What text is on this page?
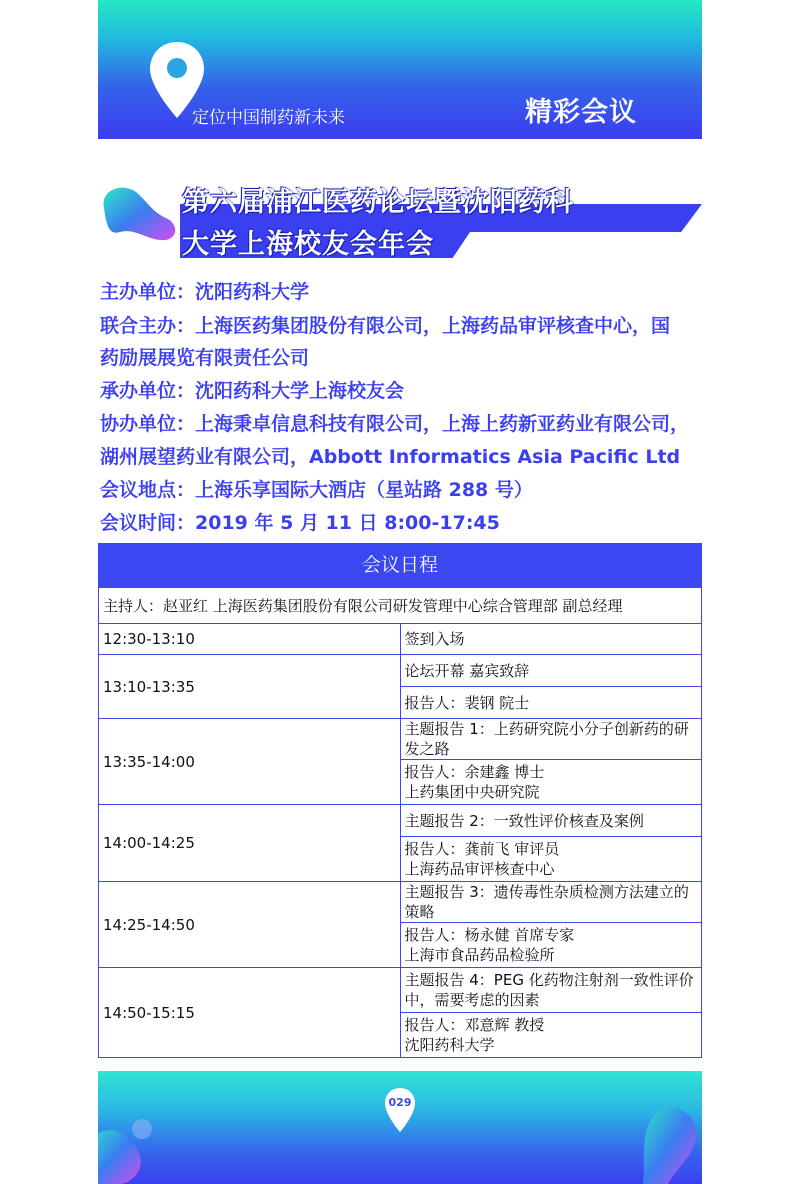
定位中国制药新未来	精彩会议
第六届浦江医药论坛暨沈阳药科
大学上海校友会年会
主办单位：沈阳药科大学
联合主办：上海医药集团股份有限公司，上海药品审评核查中心，国
药励展展览有限责任公司
承办单位：沈阳药科大学上海校友会
协办单位：上海秉卓信息科技有限公司，上海上药新亚药业有限公司，
湖州展望药业有限公司，Abbott Informatics Asia Pacific Ltd
会议地点：上海乐享国际大酒店（星站路 288 号）
会议时间：2019 年 5 月 11 日 8:00-17:45
会议日程
主持人：赵亚红 上海医药集团股份有限公司研发管理中心综合管理部 副总经理	
12:30-13:10	签到入场
13:10-13:35	论坛开幕 嘉宾致辞
	报告人：裴钢 院士
13:35-14:00	主题报告 1：上药研究院小分子创新药的研发之路
	报告人：余建鑫 博士
上药集团中央研究院
14:00-14:25	主题报告 2：一致性评价核查及案例
	报告人：龚前飞 审评员
上海药品审评核查中心
14:25-14:50	主题报告 3：遗传毒性杂质检测方法建立的策略
	报告人：杨永健 首席专家
上海市食品药品检验所
14:50-15:15	主题报告 4：PEG 化药物注射剂一致性评价中，需要考虑的因素
	报告人：邓意辉 教授
沈阳药科大学
029
